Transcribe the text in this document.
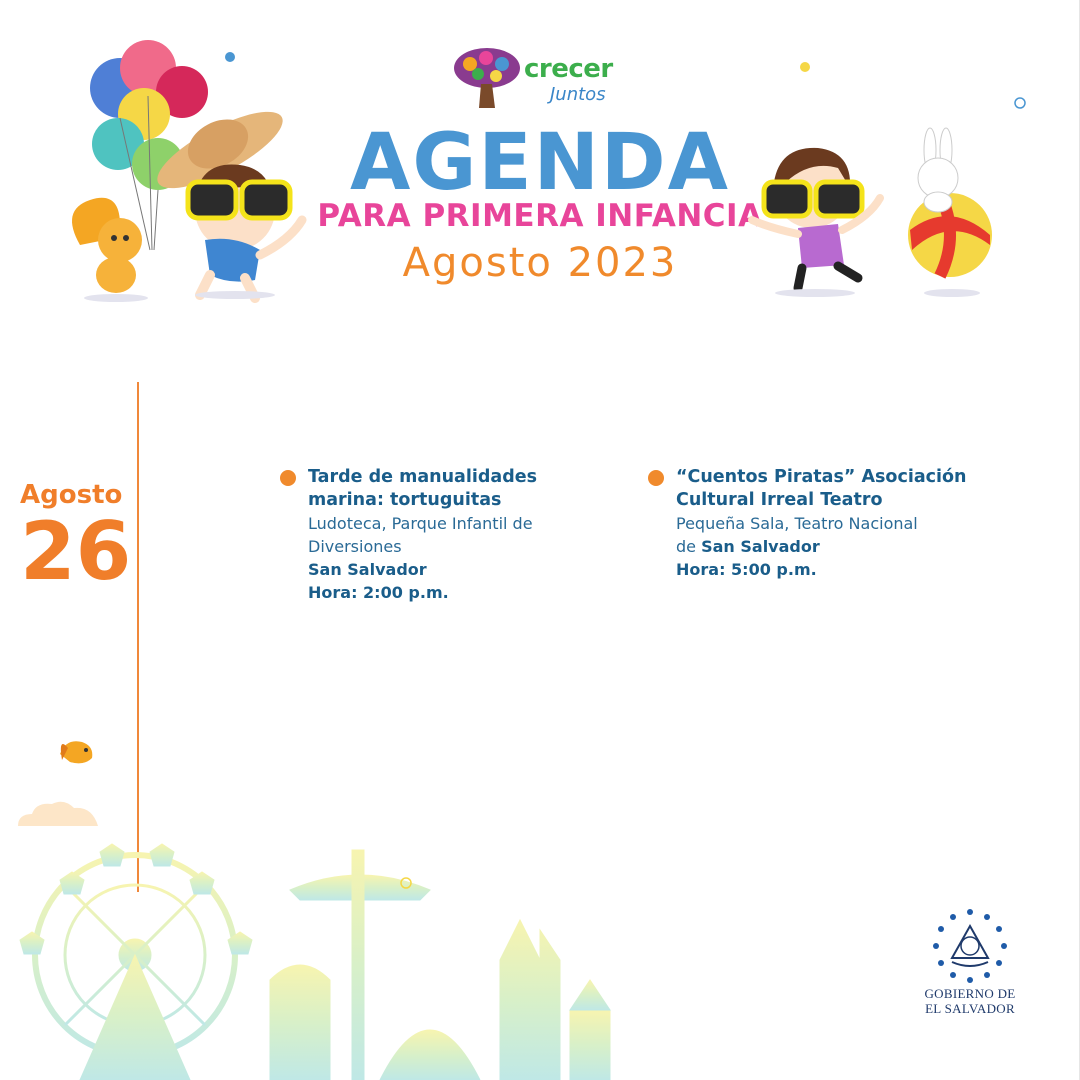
crecer
Juntos
AGENDA
PARA PRIMERA INFANCIA
Agosto 2023
Agosto
26

Tarde de manualidades

marina: tortuguitas

Ludoteca, Parque Infantil de

Diversiones

San Salvador

Hora: 2:00 p.m.

“Cuentos Piratas” Asociación

Cultural Irreal Teatro

Pequeña Sala, Teatro Nacional

de San Salvador

Hora: 5:00 p.m.

GOBIERNO DE
EL SALVADOR
